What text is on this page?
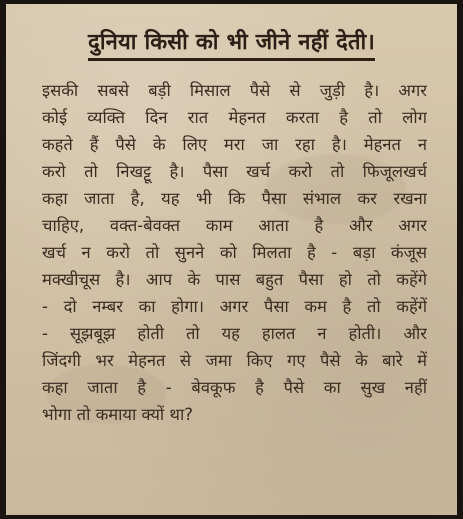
दुनिया किसी को भी जीने नहीं देती।
इसकी सबसे बड़ी मिसाल पैसे से जुड़ी है। अगर
कोई व्यक्ति दिन रात मेहनत करता है तो लोग
कहते हैं पैसे के लिए मरा जा रहा है। मेहनत न
करो तो निखट्टू है। पैसा खर्च करो तो फिजूलखर्च
कहा जाता है, यह भी कि पैसा संभाल कर रखना
चाहिए, वक्त-बेवक्त काम आता है और अगर
खर्च न करो तो सुनने को मिलता है - बड़ा कंजूस
मक्खीचूस है। आप के पास बहुत पैसा हो तो कहेंगे
- दो नम्बर का होगा। अगर पैसा कम है तो कहेंगें
- सूझबूझ होती तो यह हालत न होती। और
जिंदगी भर मेहनत से जमा किए गए पैसे के बारे में
कहा जाता है - बेवकूफ है पैसे का सुख नहीं
भोगा तो कमाया क्यों था?
